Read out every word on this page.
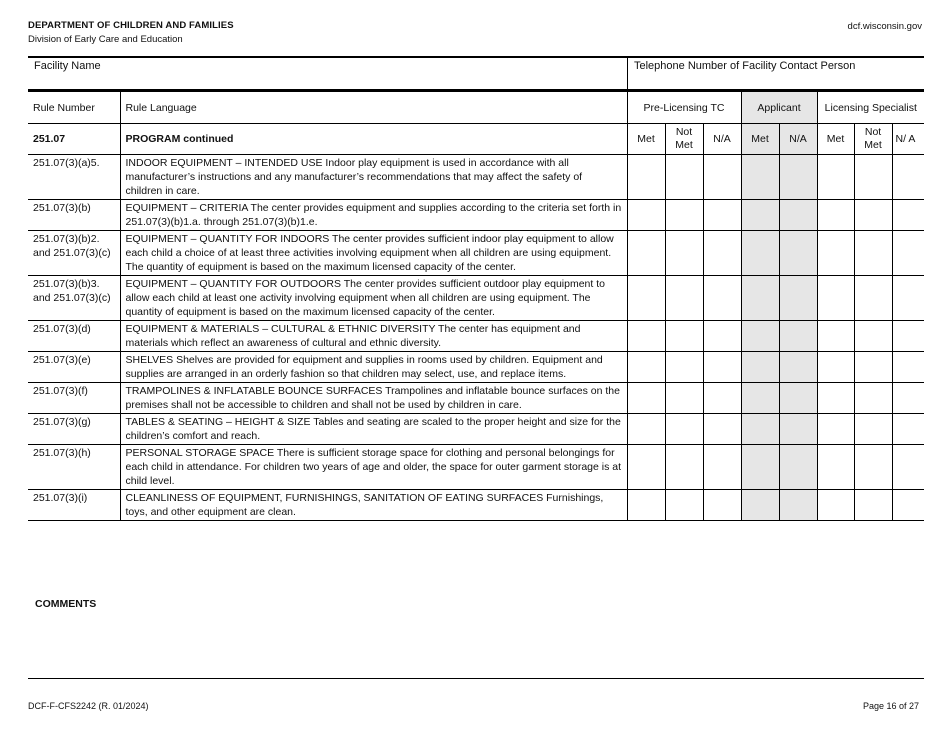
DEPARTMENT OF CHILDREN AND FAMILIES
Division of Early Care and Education
dcf.wisconsin.gov
Facility Name	Telephone Number of Facility Contact Person
Rule Number	Rule Language	Pre-Licensing TC			Applicant		Licensing Specialist		
251.07	PROGRAM continued	Met	Not Met	N/A	Met	N/A	Met	Not Met	N/ A
251.07(3)(a)5.	INDOOR EQUIPMENT – INTENDED USE Indoor play equipment is used in accordance with all manufacturer’s instructions and any manufacturer’s recommendations that may affect the safety of children in care.								
251.07(3)(b)	EQUIPMENT – CRITERIA The center provides equipment and supplies according to the criteria set forth in 251.07(3)(b)1.a. through 251.07(3)(b)1.e.								
251.07(3)(b)2. and 251.07(3)(c)	EQUIPMENT – QUANTITY FOR INDOORS The center provides sufficient indoor play equipment to allow each child a choice of at least three activities involving equipment when all children are using equipment. The quantity of equipment is based on the maximum licensed capacity of the center.								
251.07(3)(b)3. and 251.07(3)(c)	EQUIPMENT – QUANTITY FOR OUTDOORS The center provides sufficient outdoor play equipment to allow each child at least one activity involving equipment when all children are using equipment. The quantity of equipment is based on the maximum licensed capacity of the center.								
251.07(3)(d)	EQUIPMENT & MATERIALS – CULTURAL & ETHNIC DIVERSITY The center has equipment and materials which reflect an awareness of cultural and ethnic diversity.								
251.07(3)(e)	SHELVES Shelves are provided for equipment and supplies in rooms used by children. Equipment and supplies are arranged in an orderly fashion so that children may select, use, and replace items.								
251.07(3)(f)	TRAMPOLINES & INFLATABLE BOUNCE SURFACES Trampolines and inflatable bounce surfaces on the premises shall not be accessible to children and shall not be used by children in care.								
251.07(3)(g)	TABLES & SEATING – HEIGHT & SIZE Tables and seating are scaled to the proper height and size for the children’s comfort and reach.								
251.07(3)(h)	PERSONAL STORAGE SPACE There is sufficient storage space for clothing and personal belongings for each child in attendance. For children two years of age and older, the space for outer garment storage is at child level.								
251.07(3)(i)	CLEANLINESS OF EQUIPMENT, FURNISHINGS, SANITATION OF EATING SURFACES Furnishings, toys, and other equipment are clean.								
COMMENTS
DCF-F-CFS2242 (R. 01/2024)	Page 16 of 27
